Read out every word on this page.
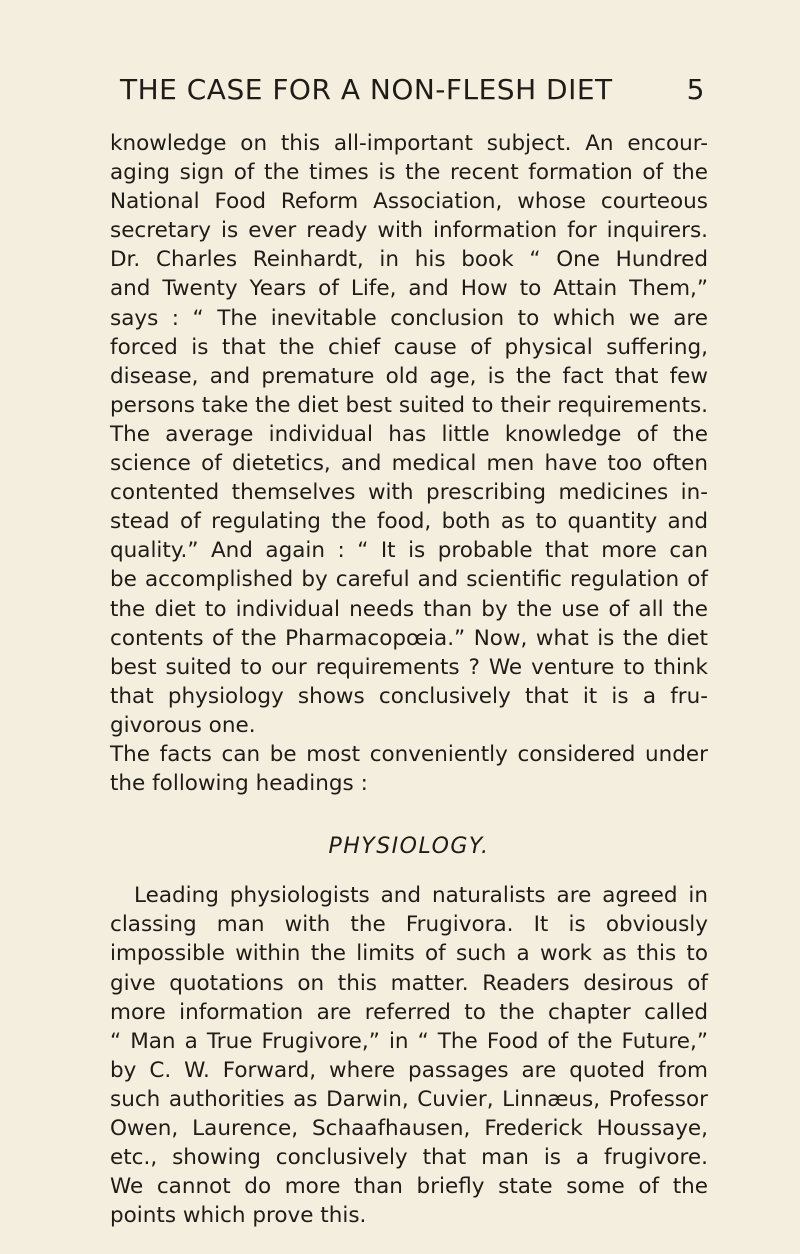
THE CASE FOR A NON-FLESH DIET	5
knowledge on this all-important subject. An encour-
aging sign of the times is the recent formation of the
National Food Reform Association, whose courteous
secretary is ever ready with information for inquirers.
Dr. Charles Reinhardt, in his book “ One Hundred
and Twenty Years of Life, and How to Attain Them,”
says : “ The inevitable conclusion to which we are
forced is that the chief cause of physical suffering,
disease, and premature old age, is the fact that few
persons take the diet best suited to their requirements.
The average individual has little knowledge of the
science of dietetics, and medical men have too often
contented themselves with prescribing medicines in-
stead of regulating the food, both as to quantity and
quality.” And again : “ It is probable that more can
be accomplished by careful and scientific regulation of
the diet to individual needs than by the use of all the
contents of the Pharmacopœia.” Now, what is the diet
best suited to our requirements ? We venture to think
that physiology shows conclusively that it is a fru-
givorous one.
The facts can be most conveniently considered under
the following headings :
PHYSIOLOGY.
Leading physiologists and naturalists are agreed in
classing man with the Frugivora. It is obviously
impossible within the limits of such a work as this to
give quotations on this matter. Readers desirous of
more information are referred to the chapter called
“ Man a True Frugivore,” in “ The Food of the Future,”
by C. W. Forward, where passages are quoted from
such authorities as Darwin, Cuvier, Linnæus, Professor
Owen, Laurence, Schaafhausen, Frederick Houssaye,
etc., showing conclusively that man is a frugivore.
We cannot do more than briefly state some of the
points which prove this.
